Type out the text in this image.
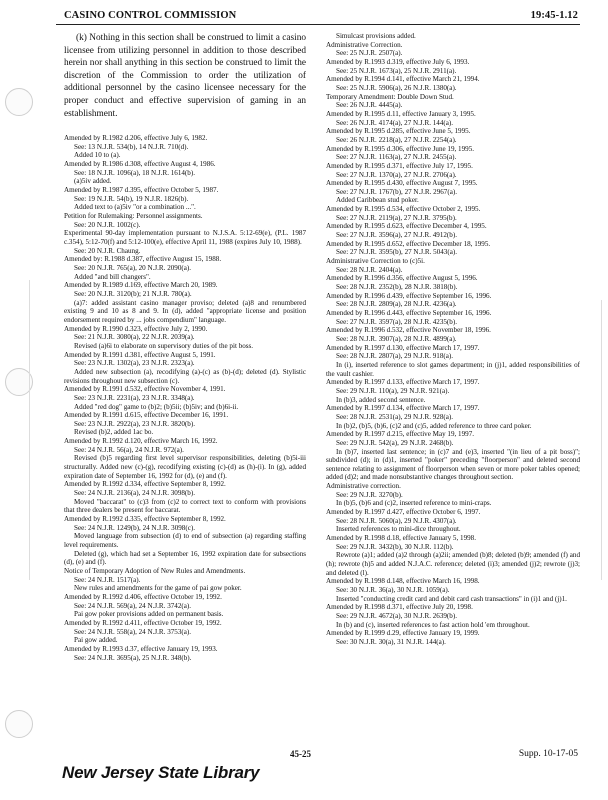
CASINO CONTROL COMMISSION	19:45-1.12

(k) Nothing in this section shall be construed to limit a casino licensee from utilizing personnel in addition to those described herein nor shall anything in this section be construed to limit the discretion of the Commission to order the utilization of additional personnel by the casino licensee necessary for the proper conduct and effective supervision of gaming in an establishment.

Amended by R.1982 d.206, effective July 6, 1982.
See: 13 N.J.R. 534(b), 14 N.J.R. 710(d).
Added 10 to (a).
Amended by R.1986 d.308, effective August 4, 1986.
See: 18 N.J.R. 1096(a), 18 N.J.R. 1614(b).
(a)5iv added.
Amended by R.1987 d.395, effective October 5, 1987.
See: 19 N.J.R. 54(b), 19 N.J.R. 1826(b).
Added text to (a)5iv "or a combination ...".
Petition for Rulemaking: Personnel assignments.
See: 20 N.J.R. 1002(c).
Experimental 90-day implementation pursuant to N.J.S.A. 5:12-69(e), (P.L. 1987 c.354), 5:12-70(f) and 5:12-100(e), effective April 11, 1988 (expires July 10, 1988).
See: 20 N.J.R. Chaung.
Amended by: R.1988 d.387, effective August 15, 1988.
See: 20 N.J.R. 765(a), 20 N.J.R. 2090(a).
Added "and bill changers".
Amended by R.1989 d.169, effective March 20, 1989.
See: 20 N.J.R. 3120(b); 21 N.J.R. 780(a).
(a)7: added assistant casino manager proviso; deleted (a)8 and renumbered existing 9 and 10 as 8 and 9. In (d), added "appropriate license and position endorsement required by ... jobs compendium" language.
Amended by R.1990 d.323, effective July 2, 1990.
See: 21 N.J.R. 3080(a), 22 N.J.R. 2039(a).
Revised (a)6i to elaborate on supervisory duties of the pit boss.
Amended by R.1991 d.381, effective August 5, 1991.
See: 23 N.J.R. 1302(a), 23 N.J.R. 2323(a).
Added new subsection (a), recodifying (a)-(c) as (b)-(d); deleted (d). Stylistic revisions throughout new subsection (c).
Amended by R.1991 d.532, effective November 4, 1991.
See: 23 N.J.R. 2231(a), 23 N.J.R. 3348(a).
Added "red dog" game to (b)2; (b)5ii; (b)5iv; and (b)6i-ii.
Amended by R.1991 d.615, effective December 16, 1991.
See: 23 N.J.R. 2922(a), 23 N.J.R. 3820(b).
Revised (b)2, added 1ac bo.
Amended by R.1992 d.120, effective March 16, 1992.
See: 24 N.J.R. 56(a), 24 N.J.R. 972(a).
Revised (b)5 regarding first level supervisor responsibilities, deleting (b)5i-iii structurally. Added new (c)-(g), recodifying existing (c)-(d) as (h)-(i). In (g), added expiration date of September 16, 1992 for (d), (e) and (f).
Amended by R.1992 d.334, effective September 8, 1992.
See: 24 N.J.R. 2136(a), 24 N.J.R. 3098(b).
Moved "baccarat" to (c)3 from (c)2 to correct text to conform with provisions that three dealers be present for baccarat.
Amended by R.1992 d.335, effective September 8, 1992.
See: 24 N.J.R. 1249(b), 24 N.J.R. 3098(c).
Moved language from subsection (d) to end of subsection (a) regarding staffing level requirements.
Deleted (g), which had set a September 16, 1992 expiration date for subsections (d), (e) and (f).
Notice of Temporary Adoption of New Rules and Amendments.
See: 24 N.J.R. 1517(a).
New rules and amendments for the game of pai gow poker.
Amended by R.1992 d.406, effective October 19, 1992.
See: 24 N.J.R. 569(a), 24 N.J.R. 3742(a).
Pai gow poker provisions added on permanent basis.
Amended by R.1992 d.411, effective October 19, 1992.
See: 24 N.J.R. 558(a), 24 N.J.R. 3753(a).
Pai gow added.
Amended by R.1993 d.37, effective January 19, 1993.
See: 24 N.J.R. 3695(a), 25 N.J.R. 348(b).
Simulcast provisions added.
Administrative Correction.
See: 25 N.J.R. 2507(a).
Amended by R.1993 d.319, effective July 6, 1993.
See: 25 N.J.R. 1673(a), 25 N.J.R. 2911(a).
Amended by R.1994 d.141, effective March 21, 1994.
See: 25 N.J.R. 5906(a), 26 N.J.R. 1380(a).
Temporary Amendment: Double Down Stud.
See: 26 N.J.R. 4445(a).
Amended by R.1995 d.11, effective January 3, 1995.
See: 26 N.J.R. 4174(a), 27 N.J.R. 144(a).
Amended by R.1995 d.285, effective June 5, 1995.
See: 26 N.J.R. 2218(a), 27 N.J.R. 2254(a).
Amended by R.1995 d.306, effective June 19, 1995.
See: 27 N.J.R. 1163(a), 27 N.J.R. 2455(a).
Amended by R.1995 d.371, effective July 17, 1995.
See: 27 N.J.R. 1370(a), 27 N.J.R. 2706(a).
Amended by R.1995 d.430, effective August 7, 1995.
See: 27 N.J.R. 1767(b), 27 N.J.R. 2967(a).
Added Caribbean stud poker.
Amended by R.1995 d.534, effective October 2, 1995.
See: 27 N.J.R. 2119(a), 27 N.J.R. 3795(b).
Amended by R.1995 d.623, effective December 4, 1995.
See: 27 N.J.R. 3596(a), 27 N.J.R. 4912(b).
Amended by R.1995 d.652, effective December 18, 1995.
See: 27 N.J.R. 3595(b), 27 N.J.R. 5043(a).
Administrative Correction to (c)5i.
See: 28 N.J.R. 2404(a).
Amended by R.1996 d.356, effective August 5, 1996.
See: 28 N.J.R. 2352(b), 28 N.J.R. 3818(b).
Amended by R.1996 d.439, effective September 16, 1996.
See: 28 N.J.R. 2809(a), 28 N.J.R. 4236(a).
Amended by R.1996 d.443, effective September 16, 1996.
See: 27 N.J.R. 3597(a), 28 N.J.R. 4235(b).
Amended by R.1996 d.532, effective November 18, 1996.
See: 28 N.J.R. 3907(a), 28 N.J.R. 4899(a).
Amended by R.1997 d.130, effective March 17, 1997.
See: 28 N.J.R. 2807(a), 29 N.J.R. 918(a).
In (i), inserted reference to slot games department; in (j)1, added responsibilities of the vault cashier.
Amended by R.1997 d.133, effective March 17, 1997.
See: 29 N.J.R. 110(a), 29 N.J.R. 921(a).
In (b)3, added second sentence.
Amended by R.1997 d.134, effective March 17, 1997.
See: 28 N.J.R. 2531(a), 29 N.J.R. 928(a).
In (b)2, (b)5, (b)6, (c)2 and (c)5, added reference to three card poker.
Amended by R.1997 d.215, effective May 19, 1997.
See: 29 N.J.R. 542(a), 29 N.J.R. 2468(b).
In (b)7, inserted last sentence; in (c)7 and (e)3, inserted "(in lieu of a pit boss)"; subdivided (d); in (d)1, inserted "poker" preceding "floorperson" and deleted second sentence relating to assignment of floorperson when seven or more poker tables opened; added (d)2; and made nonsubstantive changes throughout section.
Administrative correction.
See: 29 N.J.R. 3270(b).
In (b)5, (b)6 and (c)2, inserted reference to mini-craps.
Amended by R.1997 d.427, effective October 6, 1997.
See: 28 N.J.R. 5060(a), 29 N.J.R. 4307(a).
Inserted references to mini-dice throughout.
Amended by R.1998 d.18, effective January 5, 1998.
See: 29 N.J.R. 3432(b), 30 N.J.R. 112(b).
Rewrote (a)1; added (a)2 through (a)2ii; amended (b)8; deleted (b)9; amended (f) and (h); rewrote (h)5 and added N.J.A.C. reference; deleted (i)3; amended (j)2; rewrote (j)3; and deleted (l).
Amended by R.1998 d.148, effective March 16, 1998.
See: 30 N.J.R. 36(a), 30 N.J.R. 1059(a).
Inserted "conducting credit card and debit card cash transactions" in (i)1 and (j)1.
Amended by R.1998 d.371, effective July 20, 1998.
See: 29 N.J.R. 4672(a), 30 N.J.R. 2639(b).
In (b) and (c), inserted references to fast action hold 'em throughout.
Amended by R.1999 d.29, effective January 19, 1999.
See: 30 N.J.R. 30(a), 31 N.J.R. 144(a).
45-25	Supp. 10-17-05
New Jersey State Library
